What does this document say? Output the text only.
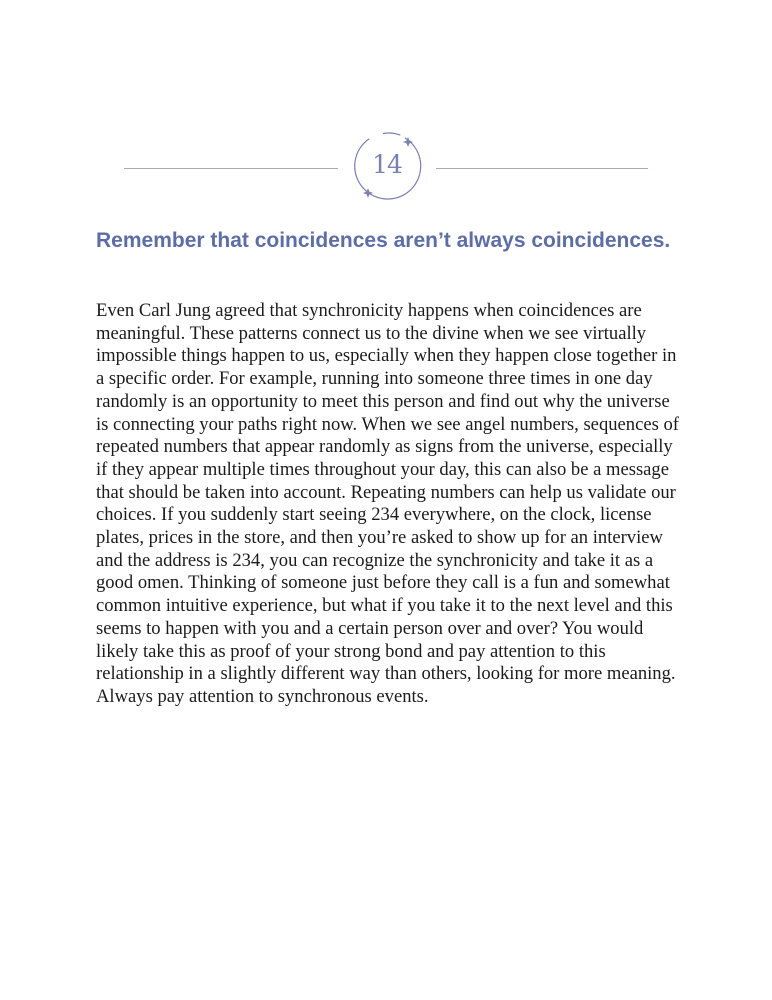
14
Remember that coincidences aren’t always coincidences.

Even Carl Jung agreed that synchronicity happens when coincidences are meaningful. These patterns connect us to the divine when we see virtually impossible things happen to us, especially when they happen close together in a specific order. For example, running into someone three times in one day randomly is an opportunity to meet this person and find out why the universe is connecting your paths right now. When we see angel numbers, sequences of repeated numbers that appear randomly as signs from the universe, especially if they appear multiple times throughout your day, this can also be a message that should be taken into account. Repeating numbers can help us validate our choices. If you suddenly start seeing 234 everywhere, on the clock, license plates, prices in the store, and then you’re asked to show up for an interview and the address is 234, you can recognize the synchronicity and take it as a good omen. Thinking of someone just before they call is a fun and somewhat common intuitive experience, but what if you take it to the next level and this seems to happen with you and a certain person over and over? You would likely take this as proof of your strong bond and pay attention to this relationship in a slightly different way than others, looking for more meaning. Always pay attention to synchronous events.
